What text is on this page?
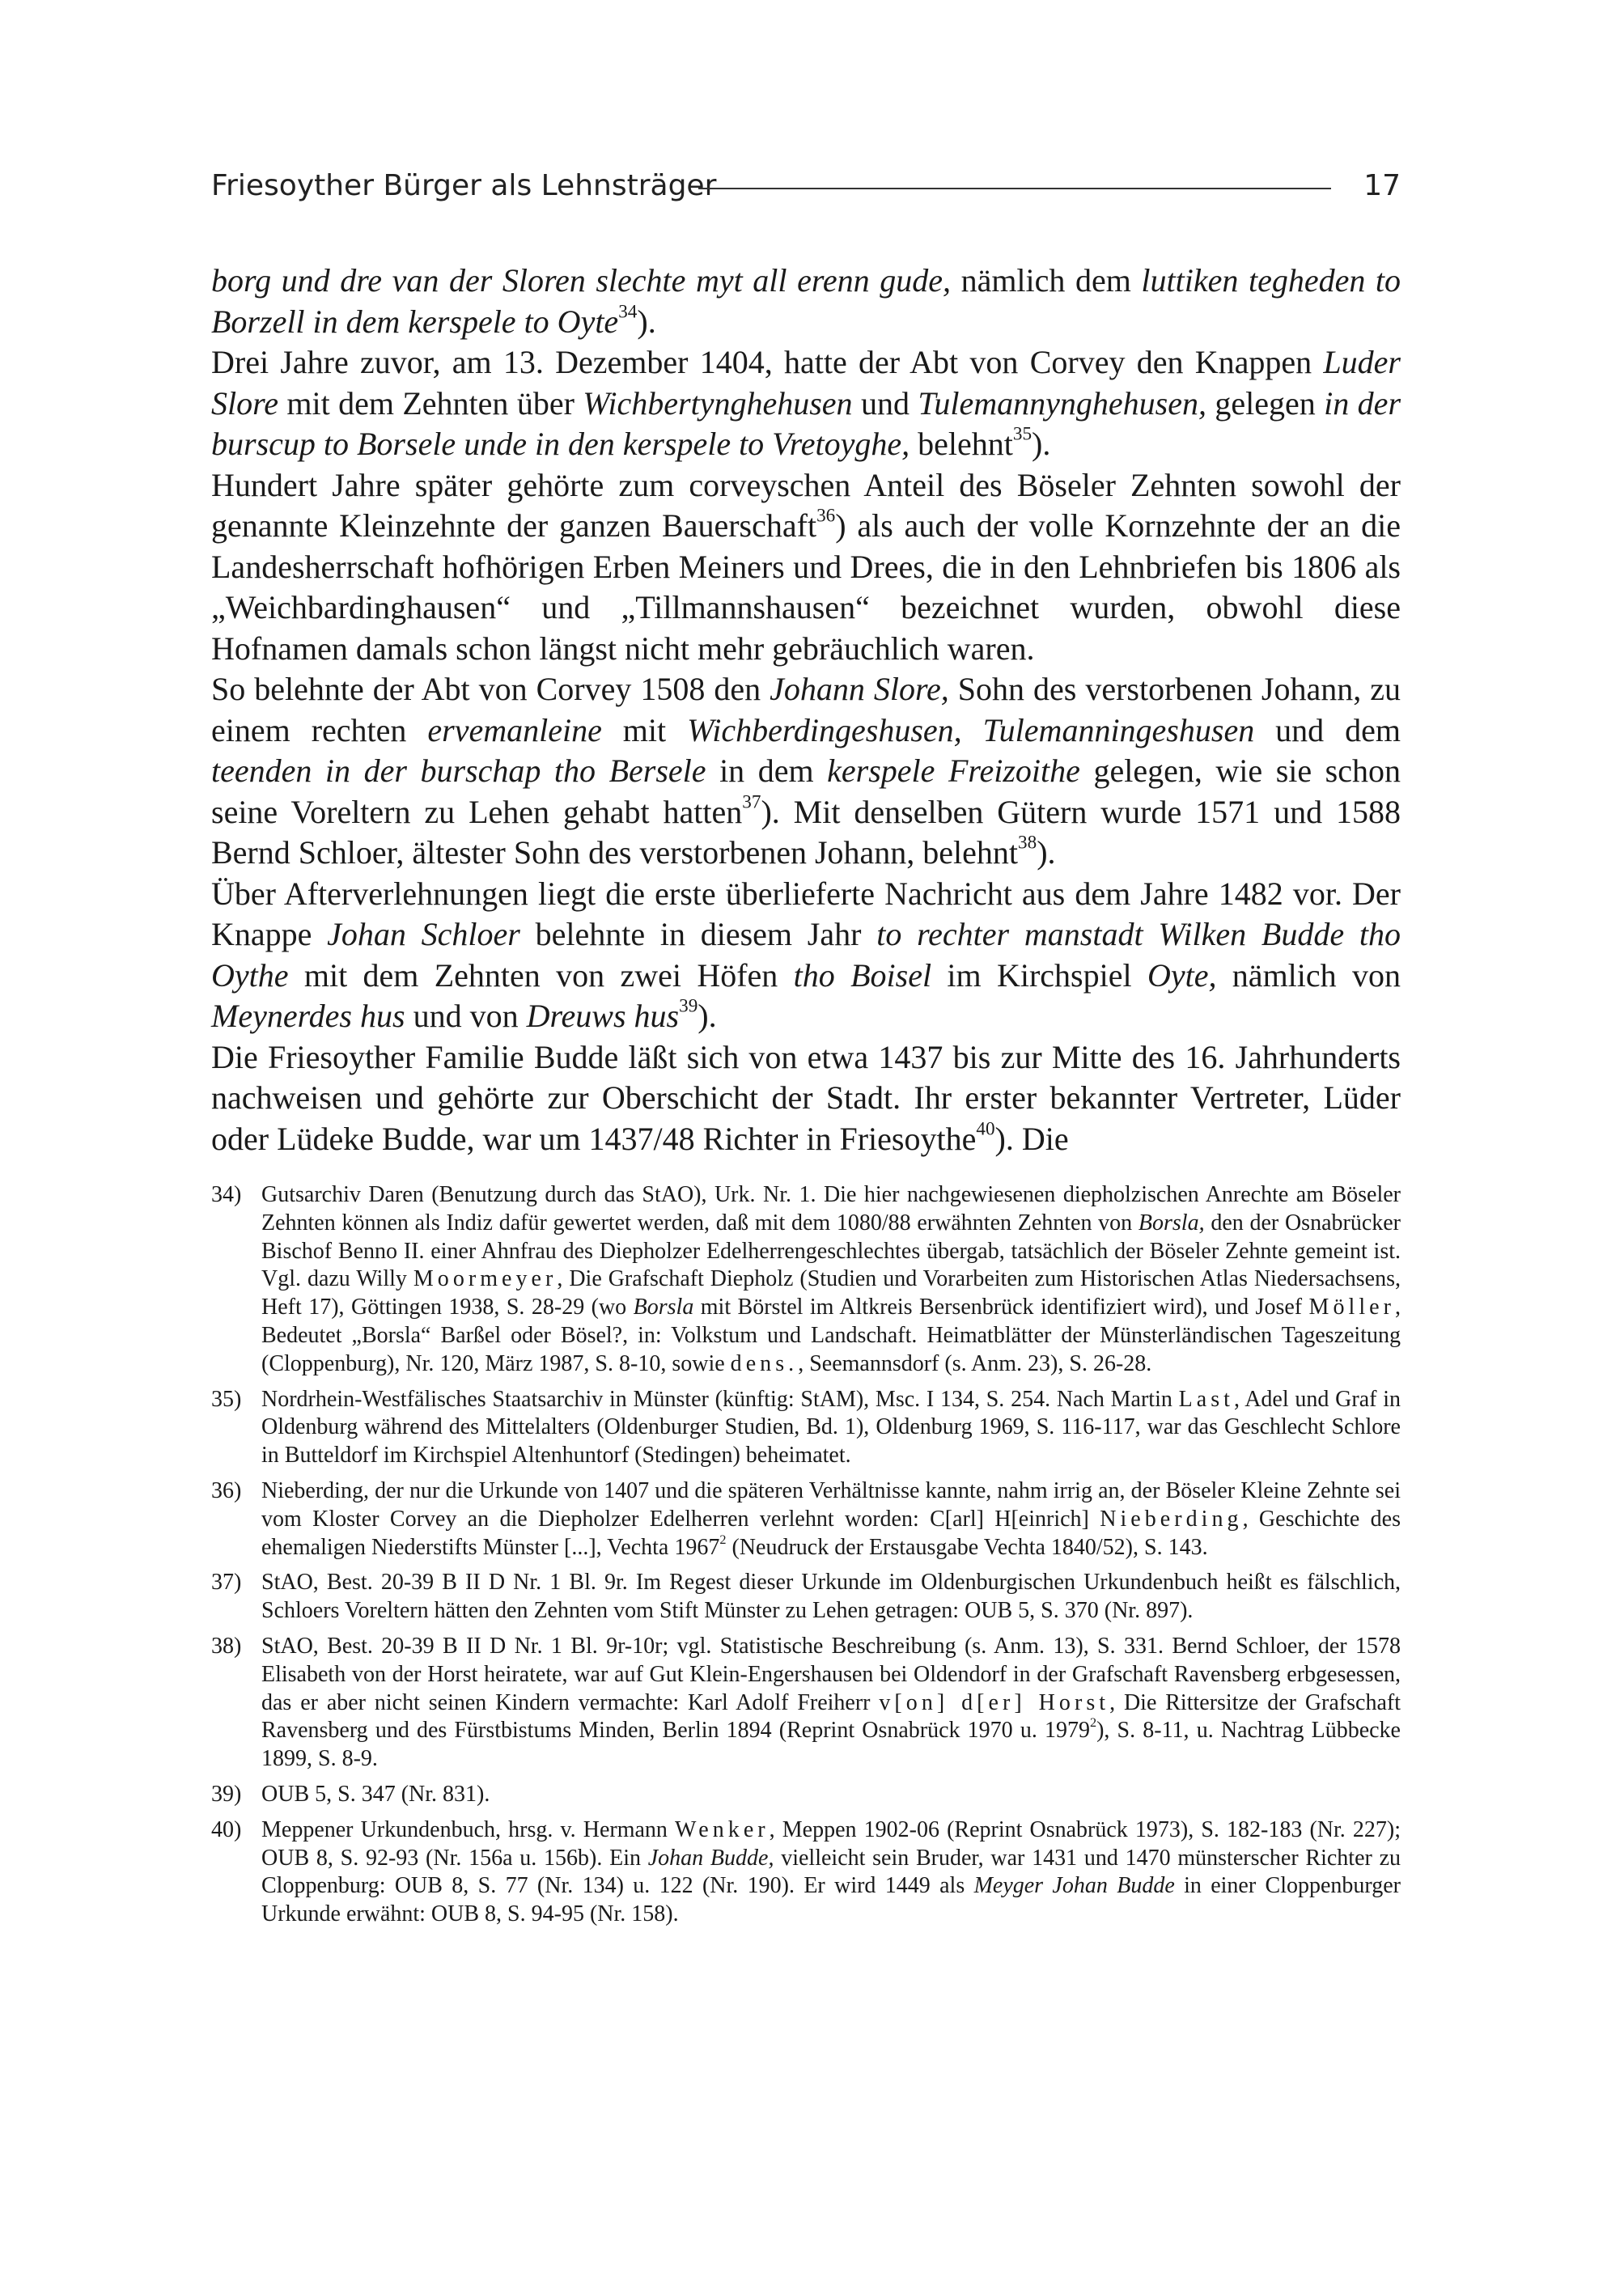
Friesoyther Bürger als Lehnsträger	17

borg und dre van der Sloren slechte myt all erenn gude, nämlich dem luttiken tegheden to Borzell in dem kerspele to Oyte$^{34}$).

Drei Jahre zuvor, am 13. Dezember 1404, hatte der Abt von Corvey den Knappen Luder Slore mit dem Zehnten über Wichbertynghehusen und Tulemannynghehusen, gelegen in der burscup to Borsele unde in den kerspele to Vretoyghe, belehnt$^{35}$).

Hundert Jahre später gehörte zum corveyschen Anteil des Böseler Zehnten sowohl der genannte Kleinzehnte der ganzen Bauerschaft$^{36}$) als auch der volle Kornzehnte der an die Landesherrschaft hofhörigen Erben Meiners und Drees, die in den Lehnbriefen bis 1806 als „Weichbardinghausen“ und „Tillmannshausen“ bezeichnet wurden, obwohl diese Hofnamen damals schon längst nicht mehr gebräuchlich waren.

So belehnte der Abt von Corvey 1508 den Johann Slore, Sohn des verstorbenen Johann, zu einem rechten ervemanleine mit Wichberdingeshusen, Tulemanningeshusen und dem teenden in der burschap tho Bersele in dem kerspele Freizoithe gelegen, wie sie schon seine Voreltern zu Lehen gehabt hatten$^{37}$). Mit denselben Gütern wurde 1571 und 1588 Bernd Schloer, ältester Sohn des verstorbenen Johann, belehnt$^{38}$).

Über Afterverlehnungen liegt die erste überlieferte Nachricht aus dem Jahre 1482 vor. Der Knappe Johan Schloer belehnte in diesem Jahr to rechter manstadt Wilken Budde tho Oythe mit dem Zehnten von zwei Höfen tho Boisel im Kirchspiel Oyte, nämlich von Meynerdes hus und von Dreuws hus$^{39}$).

Die Friesoyther Familie Budde läßt sich von etwa 1437 bis zur Mitte des 16. Jahrhunderts nachweisen und gehörte zur Oberschicht der Stadt. Ihr erster bekannter Vertreter, Lüder oder Lüdeke Budde, war um 1437/48 Richter in Friesoythe$^{40}$). Die

34) Gutsarchiv Daren (Benutzung durch das StAO), Urk. Nr. 1. Die hier nachgewiesenen diepholzischen Anrechte am Böseler Zehnten können als Indiz dafür gewertet werden, daß mit dem 1080/88 erwähnten Zehnten von Borsla, den der Osnabrücker Bischof Benno II. einer Ahnfrau des Diepholzer Edelherrengeschlechtes übergab, tatsächlich der Böseler Zehnte gemeint ist. Vgl. dazu Willy Moormeyer, Die Grafschaft Diepholz (Studien und Vorarbeiten zum Historischen Atlas Niedersachsens, Heft 17), Göttingen 1938, S. 28-29 (wo Borsla mit Börstel im Altkreis Bersenbrück identifiziert wird), und Josef Möller, Bedeutet „Borsla“ Barßel oder Bösel?, in: Volkstum und Landschaft. Heimatblätter der Münsterländischen Tageszeitung (Cloppenburg), Nr. 120, März 1987, S. 8-10, sowie dens., Seemannsdorf (s. Anm. 23), S. 26-28.
35) Nordrhein-Westfälisches Staatsarchiv in Münster (künftig: StAM), Msc. I 134, S. 254. Nach Martin Last, Adel und Graf in Oldenburg während des Mittelalters (Oldenburger Studien, Bd. 1), Oldenburg 1969, S. 116-117, war das Geschlecht Schlore in Butteldorf im Kirchspiel Altenhuntorf (Stedingen) beheimatet.
36) Nieberding, der nur die Urkunde von 1407 und die späteren Verhältnisse kannte, nahm irrig an, der Böseler Kleine Zehnte sei vom Kloster Corvey an die Diepholzer Edelherren verlehnt worden: C[arl] H[einrich] Nieberding, Geschichte des ehemaligen Niederstifts Münster [...], Vechta 1967$^2$ (Neudruck der Erstausgabe Vechta 1840/52), S. 143.
37) StAO, Best. 20-39 B II D Nr. 1 Bl. 9r. Im Regest dieser Urkunde im Oldenburgischen Urkundenbuch heißt es fälschlich, Schloers Voreltern hätten den Zehnten vom Stift Münster zu Lehen getragen: OUB 5, S. 370 (Nr. 897).
38) StAO, Best. 20-39 B II D Nr. 1 Bl. 9r-10r; vgl. Statistische Beschreibung (s. Anm. 13), S. 331. Bernd Schloer, der 1578 Elisabeth von der Horst heiratete, war auf Gut Klein-Engershausen bei Oldendorf in der Grafschaft Ravensberg erbgesessen, das er aber nicht seinen Kindern vermachte: Karl Adolf Freiherr v[on] d[er] Horst, Die Rittersitze der Grafschaft Ravensberg und des Fürstbistums Minden, Berlin 1894 (Reprint Osnabrück 1970 u. 1979$^2$), S. 8-11, u. Nachtrag Lübbecke 1899, S. 8-9.
39) OUB 5, S. 347 (Nr. 831).
40) Meppener Urkundenbuch, hrsg. v. Hermann Wenker, Meppen 1902-06 (Reprint Osnabrück 1973), S. 182-183 (Nr. 227); OUB 8, S. 92-93 (Nr. 156a u. 156b). Ein Johan Budde, vielleicht sein Bruder, war 1431 und 1470 münsterscher Richter zu Cloppenburg: OUB 8, S. 77 (Nr. 134) u. 122 (Nr. 190). Er wird 1449 als Meyger Johan Budde in einer Cloppenburger Urkunde erwähnt: OUB 8, S. 94-95 (Nr. 158).
